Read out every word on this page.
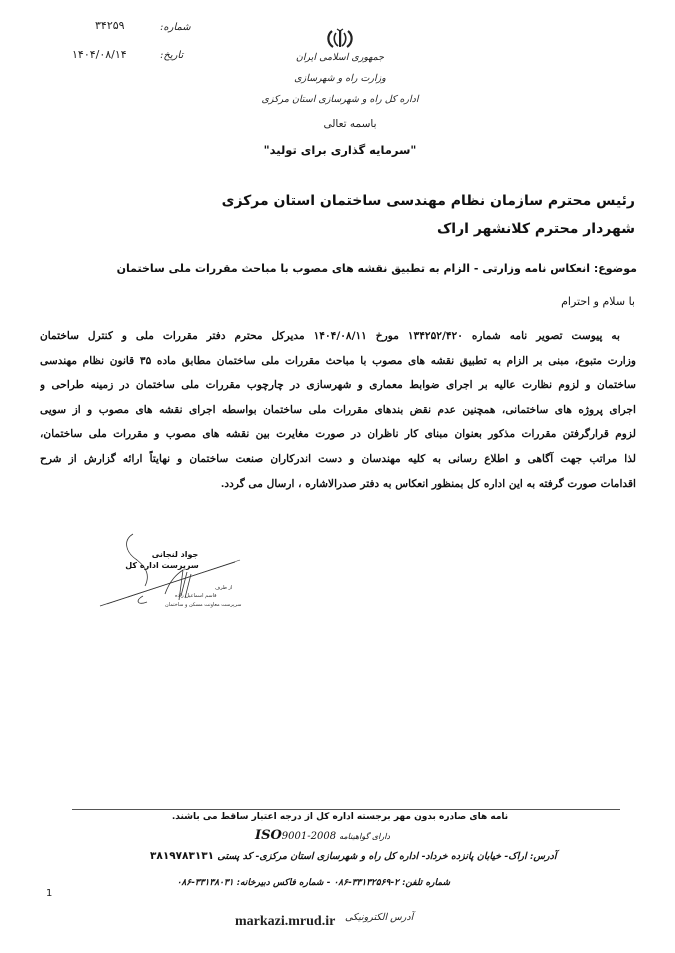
۳۴۲۵۹	شماره:
۱۴۰۴/۰۸/۱۴	تاریخ:	جمهوری اسلامی ایران
وزارت راه و شهرسازی
اداره کل راه و شهرسازی استان مرکزی
باسمه تعالی
"سرمایه گذاری برای تولید"
رئیس محترم سازمان نظام مهندسی ساختمان استان مرکزی
شهردار محترم کلانشهر اراک
موضوع: انعکاس نامه وزارتی - الزام به تطبیق نقشه های مصوب با مباحث مقررات ملی ساختمان
با سلام و احترام
به پیوست تصویر نامه شماره ۱۳۴۲۵۲/۴۲۰ مورخ ۱۴۰۴/۰۸/۱۱ مدیرکل محترم دفتر مقررات ملی و کنترل ساختمان
وزارت متبوع، مبنی بر الزام به تطبیق نقشه های مصوب با مباحث مقررات ملی ساختمان مطابق ماده ۳۵ قانون نظام مهندسی
ساختمان و لزوم نظارت عالیه بر اجرای ضوابط معماری و شهرسازی در چارچوب مقررات ملی ساختمان در زمینه طراحی و
اجرای پروژه های ساختمانی، همچنین عدم نقض بندهای مقررات ملی ساختمان بواسطه اجرای نقشه های مصوب و از سویی
لزوم قرارگرفتن مقررات مذکور بعنوان مبنای کار ناظران در صورت مغایرت بین نقشه های مصوب و مقررات ملی ساختمان،
لذا مراتب جهت آگاهی و اطلاع رسانی به کلیه مهندسان و دست اندرکاران صنعت ساختمان و نهایتاً ارائه گزارش از شرح
اقدامات صورت گرفته به این اداره کل بمنظور انعکاس به دفتر صدرالاشاره ، ارسال می گردد.
جواد لنجانی
سرپرست اداره کل
از طرف
قاسم اسماعیل زاده
سرپرست معاونت مسکن و ساختمان
نامه های صادره بدون مهر برجسته اداره کل از درجه اعتبار ساقط می باشند.
ISO9001-2008 دارای گواهینامه
۳۸۱۹۷۸۳۱۳۱ آدرس: اراک- خیابان پانزده خرداد- اداره کل راه و شهرسازی استان مرکزی- کد پستی
شماره تلفن: ۲-۳۳۱۳۲۵۶۹-۰۸۶ - شماره فاکس دبیرخانه: ۳۳۱۳۸۰۳۱-۰۸۶
markazi.mrud.ir آدرس الکترونیکی
1
